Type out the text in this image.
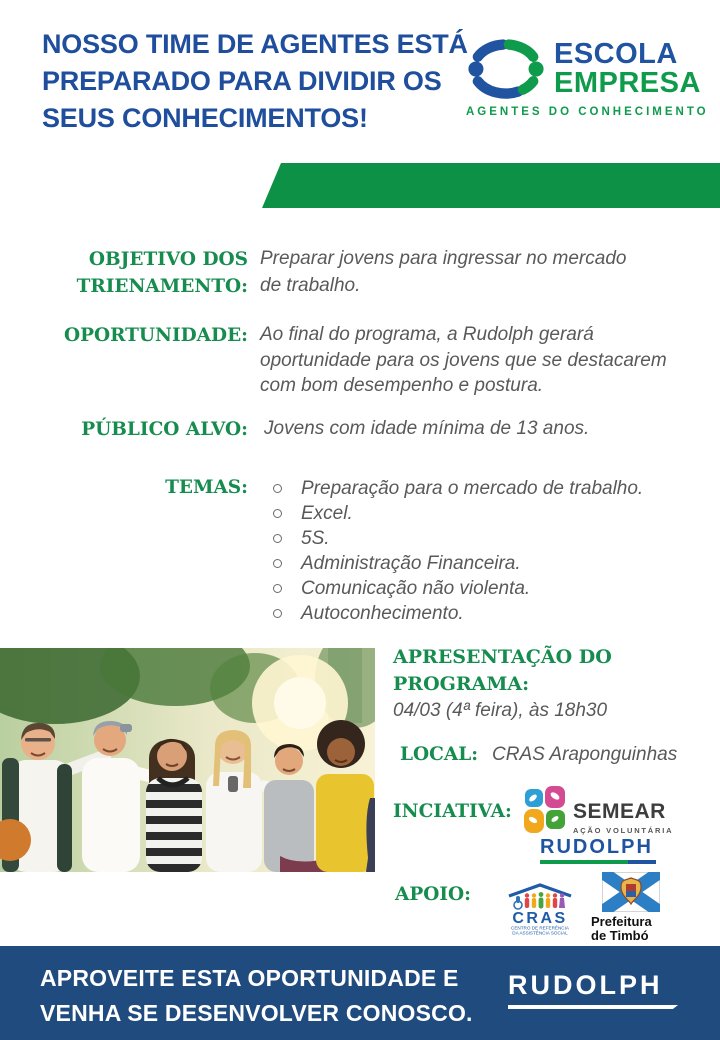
NOSSO TIME DE AGENTES ESTÁ
PREPARADO PARA DIVIDIR OS
SEUS CONHECIMENTOS!
ESCOLA
EMPRESA
AGENTES DO CONHECIMENTO
OBJETIVO DOS
TRIENAMENTO:
Preparar jovens para ingressar no mercado
de trabalho.
OPORTUNIDADE: Ao final do programa, a Rudolph gerará
oportunidade para os jovens que se destacarem
com bom desempenho e postura.
PÚBLICO ALVO: Jovens com idade mínima de 13 anos.
TEMAS:	Preparação para o mercado de trabalho.
Excel.
5S.
Administração Financeira.
Comunicação não violenta.
Autoconhecimento.
APRESENTAÇÃO DO
PROGRAMA:
04/03 (4ª feira), às 18h30
LOCAL: CRAS Araponguinhas
INCIATIVA:	SEMEAR
AÇÃO VOLUNTÁRIA
RUDOLPH
APOIO:
CRAS
CENTRO DE REFERÊNCIA
DA ASSISTÊNCIA SOCIAL
Prefeitura
de Timbó
APROVEITE ESTA OPORTUNIDADE E
VENHA SE DESENVOLVER CONOSCO.
RUDOLPH
